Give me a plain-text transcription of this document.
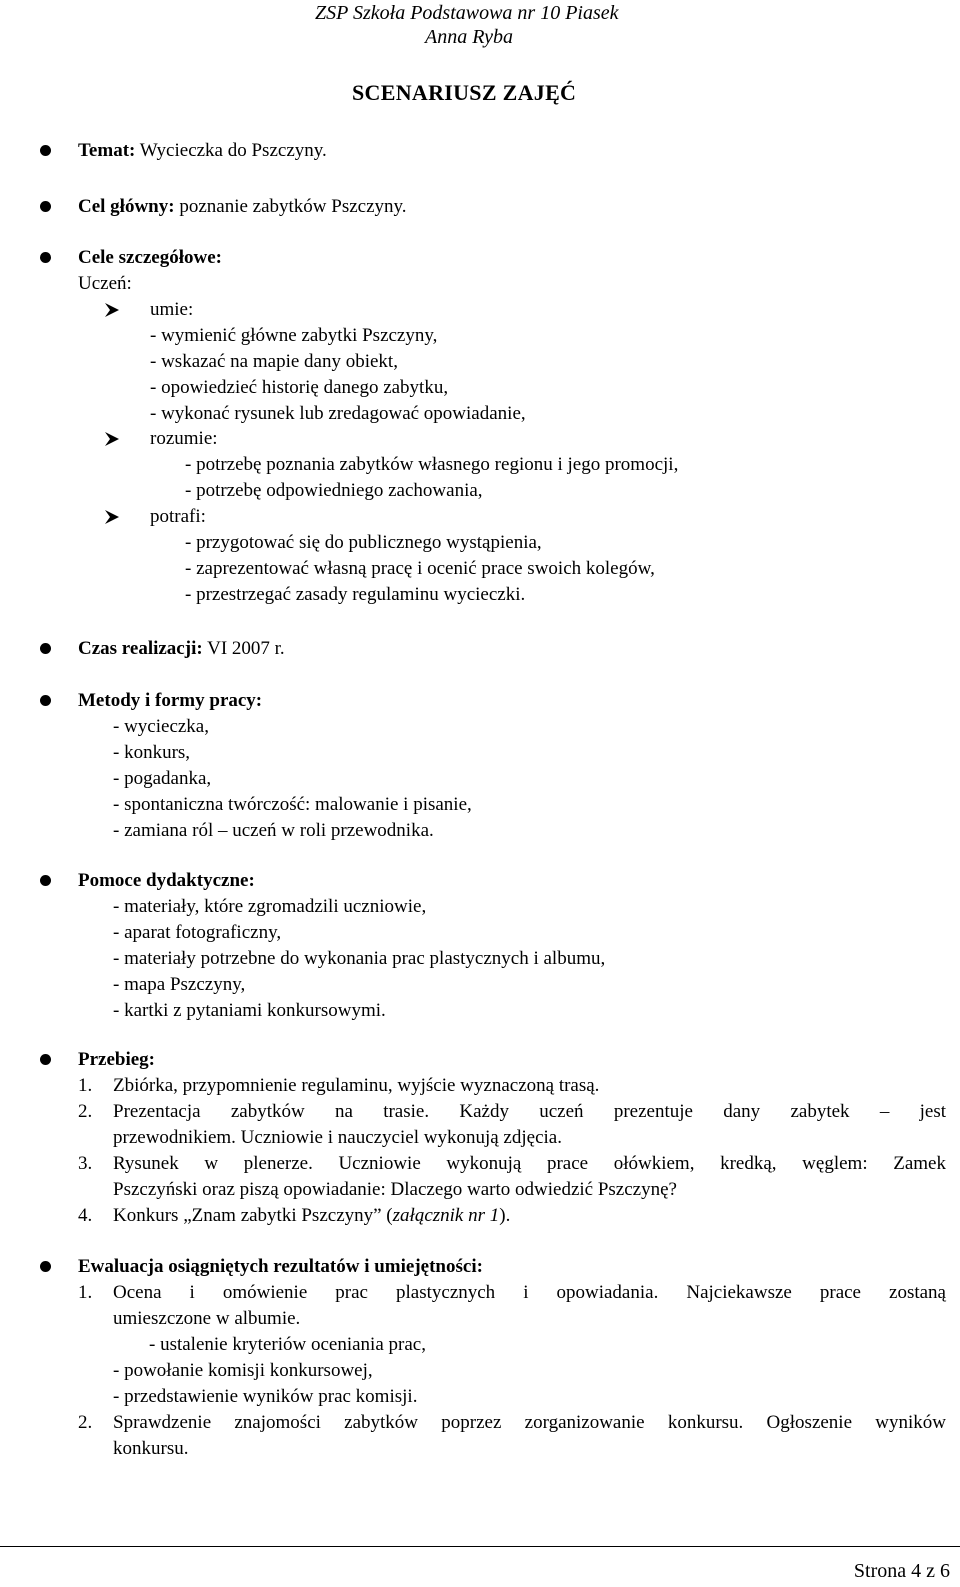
ZSP Szkoła Podstawowa nr 10 Piasek
Anna Ryba
SCENARIUSZ ZAJĘĆ
Temat: Wycieczka do Pszczyny.
Cel główny: poznanie zabytków Pszczyny.
Cele szczegółowe:
Uczeń:
umie:
- wymienić główne zabytki Pszczyny,
- wskazać na mapie dany obiekt,
- opowiedzieć historię danego zabytku,
- wykonać rysunek lub zredagować opowiadanie,
rozumie:
- potrzebę poznania zabytków własnego regionu i jego promocji,
- potrzebę odpowiedniego zachowania,
potrafi:
- przygotować się do publicznego wystąpienia,
- zaprezentować własną pracę i ocenić prace swoich kolegów,
- przestrzegać zasady regulaminu wycieczki.
Czas realizacji: VI 2007 r.
Metody i formy pracy:
- wycieczka,
- konkurs,
- pogadanka,
- spontaniczna twórczość: malowanie i pisanie,
- zamiana ról – uczeń w roli przewodnika.
Pomoce dydaktyczne:
- materiały, które zgromadzili uczniowie,
- aparat fotograficzny,
- materiały potrzebne do wykonania prac plastycznych i albumu,
- mapa Pszczyny,
- kartki z pytaniami konkursowymi.
Przebieg:
1. Zbiórka, przypomnienie regulaminu, wyjście wyznaczoną trasą.
2. Prezentacja zabytków na trasie. Każdy uczeń prezentuje dany zabytek – jest
przewodnikiem. Uczniowie i nauczyciel wykonują zdjęcia.
3. Rysunek w plenerze. Uczniowie wykonują prace ołówkiem, kredką, węglem: Zamek
Pszczyński oraz piszą opowiadanie: Dlaczego warto odwiedzić Pszczynę?
4. Konkurs „Znam zabytki Pszczyny” (załącznik nr 1).
Ewaluacja osiągniętych rezultatów i umiejętności:
1. Ocena i omówienie prac plastycznych i opowiadania. Najciekawsze prace zostaną
umieszczone w albumie.
- ustalenie kryteriów oceniania prac,
- powołanie komisji konkursowej,
- przedstawienie wyników prac komisji.
2. Sprawdzenie znajomości zabytków poprzez zorganizowanie konkursu. Ogłoszenie wyników
konkursu.
Strona 4 z 6
